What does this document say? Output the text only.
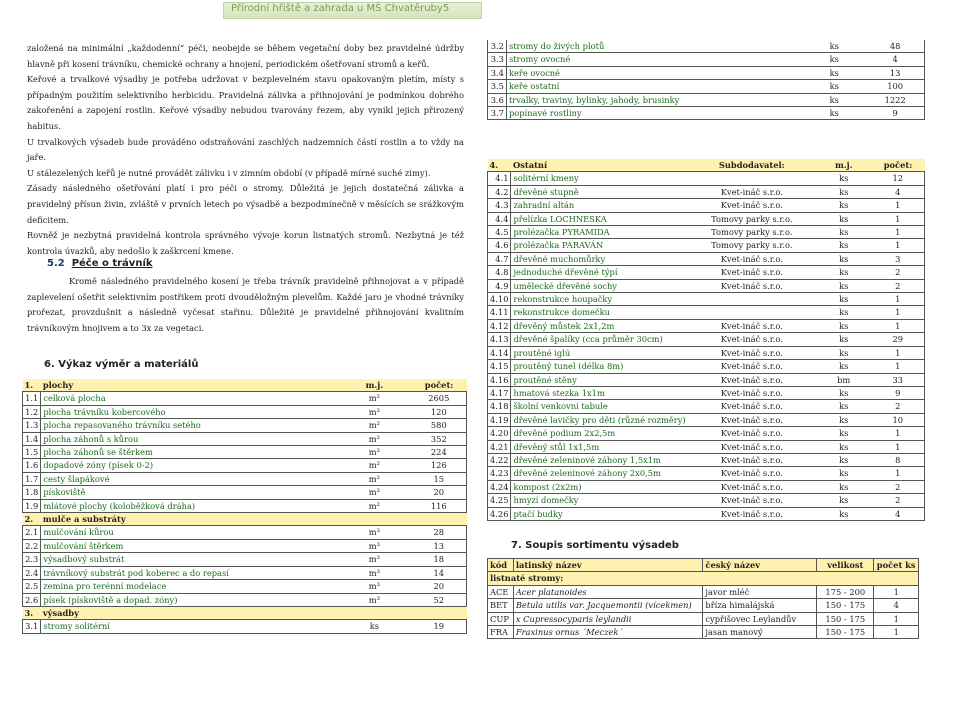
Přírodní hřiště a zahrada u MŠ Chvatěruby5

založená na minimální „každodenní“ péči, neobejde se během vegetační doby bez pravidelné údržby hlavně při kosení trávníku, chemické ochrany a hnojení, periodickém ošetřovaní stromů a keřů.

Keřové a trvalkové výsadby je potřeba udržovat v bezplevelném stavu opakovaným pletím, místy s případným použitím selektivního herbicidu. Pravidelná zálivka a přihnojování je podmínkou dobrého zakořenění a zapojení rostlin. Keřové výsadby nebudou tvarovány řezem, aby vynikl jejich přirozený habitus.

U trvalkových výsadeb bude prováděno odstraňování zaschlých nadzemních částí rostlin a to vždy na jaře.

U stálezelených keřů je nutné provádět zálivku i v zimním období (v případě mírné suché zimy).

Zásady následného ošetřování platí i pro péči o stromy. Důležitá je jejich dostatečná zálivka a pravidelný přísun živin, zvláště v prvních letech po výsadbě a bezpodmínečně v měsících se srážkovým deficitem.

Rovněž je nezbytná pravidelná kontrola správného vývoje korun listnatých stromů. Nezbytná je též kontrola úvazků, aby nedošlo k zaškrcení kmene.

5.2 Péče o trávník

Kromě následného pravidelného kosení je třeba trávník pravidelně přihnojovat a v případě zaplevelení ošetřit selektivním postřikem proti dvouděložným plevelům. Každé jaro je vhodné trávníky prořezat, provzdušnit a následně vyčesat stařinu. Důležité je pravidelné přihnojování kvalitním trávníkovým hnojivem a to 3x za vegetaci.

6. Výkaz výměr a materiálů
1.	plochy	m.j.	počet:
1.1	celková plocha	m²	2605
1.2	plocha trávníku kobercového	m²	120
1.3	plocha repasovaného trávníku setého	m²	580
1.4	plocha záhonů s kůrou	m²	352
1.5	plocha záhonů se štěrkem	m²	224
1.6	dopadové zóny (písek 0-2)	m²	126
1.7	cesty šlapákové	m²	15
1.8	pískoviště	m²	20
1.9	mlátové plochy (koloběžková dráha)	m²	116
2.	mulče a substráty		
2.1	mulčování kůrou	m³	28
2.2	mulčování štěrkem	m³	13
2.3	výsadbový substrát	m³	18
2.4	trávníkový substrát pod koberec a do repasí	m³	14
2.5	zemina pro terénní modelace	m³	20
2.6	písek (pískoviště a dopad. zóny)	m³	52
3.	výsadby		
3.1	stromy solitérní	ks	19
3.2	stromy do živých plotů	ks	48
3.3	stromy ovocné	ks	4
3.4	keře ovocné	ks	13
3.5	keře ostatní	ks	100
3.6	trvalky, traviny, bylinky, jahody, brusinky	ks	1222
3.7	popínavé rostliny	ks	9
4.	Ostatní	Subdodavatel:	m.j.	počet:
4.1	solitérní kmeny		ks	12
4.2	dřevěné stupně	Kvet-ináč s.r.o.	ks	4
4.3	zahradní altán	Kvet-ináč s.r.o.	ks	1
4.4	přelízka LOCHNESKA	Tomovy parky s.r.o.	ks	1
4.5	prolézačka PYRAMIDA	Tomovy parky s.r.o.	ks	1
4.6	prolézačka PARAVÁN	Tomovy parky s.r.o.	ks	1
4.7	dřevěné muchomůrky	Kvet-ináč s.r.o.	ks	3
4.8	jednoduché dřevěné týpí	Kvet-ináč s.r.o.	ks	2
4.9	umělecké dřevěné sochy	Kvet-ináč s.r.o.	ks	2
4.10	rekonstrukce houpačky		ks	1
4.11	rekonstrukce domečku		ks	1
4.12	dřevěný můstek 2x1,2m	Kvet-ináč s.r.o.	ks	1
4.13	dřevěné špalíky (cca průměr 30cm)	Kvet-ináč s.r.o.	ks	29
4.14	proutěné iglú	Kvet-ináč s.r.o.	ks	1
4.15	proutěný tunel (délka 8m)	Kvet-ináč s.r.o.	ks	1
4.16	proutěné stěny	Kvet-ináč s.r.o.	bm	33
4.17	hmatová stezka 1x1m	Kvet-ináč s.r.o.	ks	9
4.18	školní venkovní tabule	Kvet-ináč s.r.o.	ks	2
4.19	dřevěné lavičky pro děti (různé rozměry)	Kvet-ináč s.r.o.	ks	10
4.20	dřevěné podium 2x2,5m	Kvet-ináč s.r.o.	ks	1
4.21	dřevěný stůl 1x1,5m	Kvet-ináč s.r.o.	ks	1
4.22	dřevěné zeleninové záhony 1,5x1m	Kvet-ináč s.r.o.	ks	8
4.23	dřevěné zeleninové záhony 2x0,5m	Kvet-ináč s.r.o.	ks	1
4.24	kompost (2x2m)	Kvet-ináč s.r.o.	ks	2
4.25	hmyzí domečky	Kvet-ináč s.r.o.	ks	2
4.26	ptačí budky	Kvet-ináč s.r.o.	ks	4
7. Soupis sortimentu výsadeb
kód	latinský název	český název	velikost	počet ks
listnaté stromy:				
ACE	Acer platanoides	javor mléč	175 - 200	1
BET	Betula utilis var. Jacquemontii (vícekmen)	bříza himalájská	150 - 175	4
CUP	x Cupressocyparis leylandii	cypřišovec Leylandův	150 - 175	1
FRA	Fraxinus ornus ´Meczek´	jasan manový	150 - 175	1
